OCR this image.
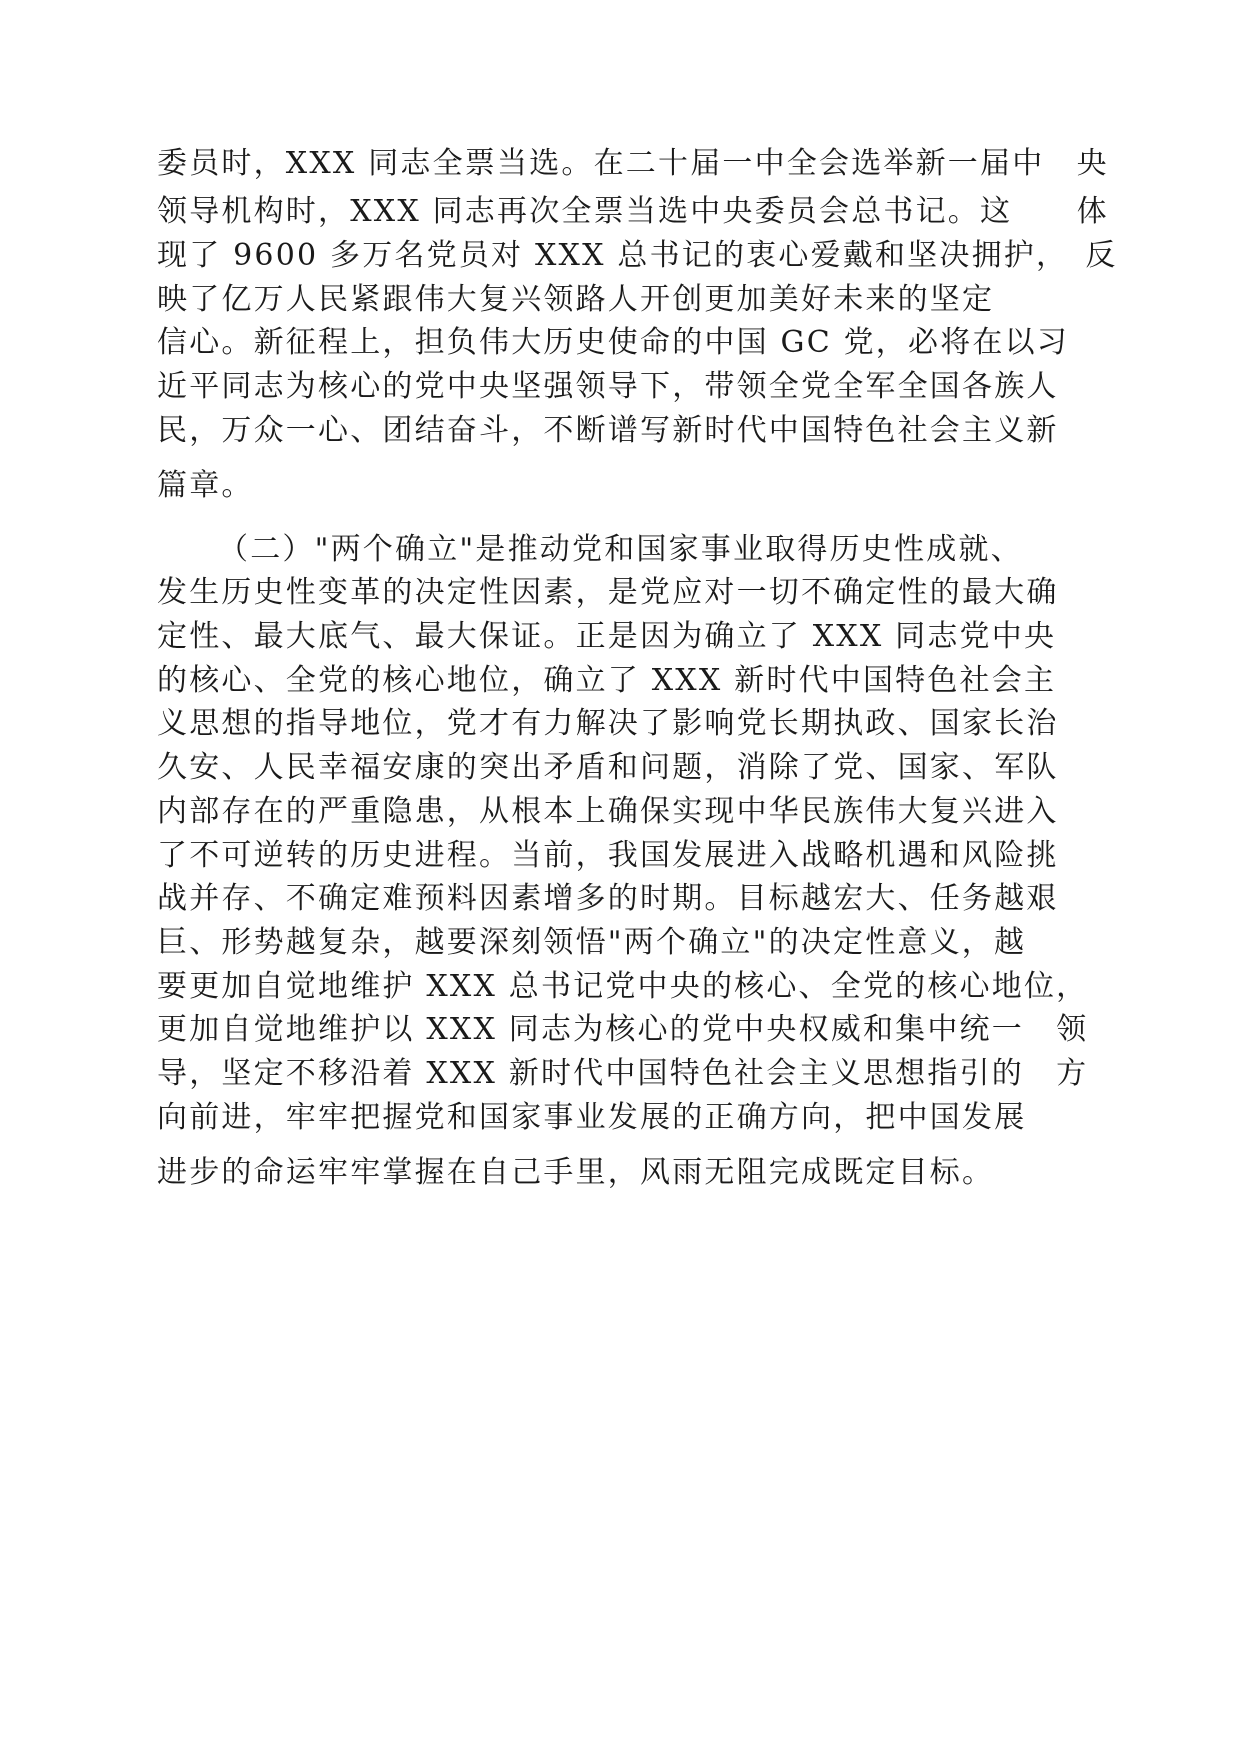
委员时，XXX 同志全票当选。在二十届一中全会选举新一届中　央
领导机构时，XXX 同志再次全票当选中央委员会总书记。这　　体
现了 9600 多万名党员对 XXX 总书记的衷心爱戴和坚决拥护，　反
映了亿万人民紧跟伟大复兴领路人开创更加美好未来的坚定
信心。新征程上，担负伟大历史使命的中国 GC 党，必将在以习
近平同志为核心的党中央坚强领导下，带领全党全军全国各族人
民，万众一心、团结奋斗，不断谱写新时代中国特色社会主义新
篇章。
（二）"两个确立"是推动党和国家事业取得历史性成就、
发生历史性变革的决定性因素，是党应对一切不确定性的最大确
定性、最大底气、最大保证。正是因为确立了 XXX 同志党中央
的核心、全党的核心地位，确立了 XXX 新时代中国特色社会主
义思想的指导地位，党才有力解决了影响党长期执政、国家长治
久安、人民幸福安康的突出矛盾和问题，消除了党、国家、军队
内部存在的严重隐患，从根本上确保实现中华民族伟大复兴进入
了不可逆转的历史进程。当前，我国发展进入战略机遇和风险挑
战并存、不确定难预料因素增多的时期。目标越宏大、任务越艰
巨、形势越复杂，越要深刻领悟"两个确立"的决定性意义，越
要更加自觉地维护 XXX 总书记党中央的核心、全党的核心地位，
更加自觉地维护以 XXX 同志为核心的党中央权威和集中统一　领
导，坚定不移沿着 XXX 新时代中国特色社会主义思想指引的　方
向前进，牢牢把握党和国家事业发展的正确方向，把中国发展
进步的命运牢牢掌握在自己手里，风雨无阻完成既定目标。
